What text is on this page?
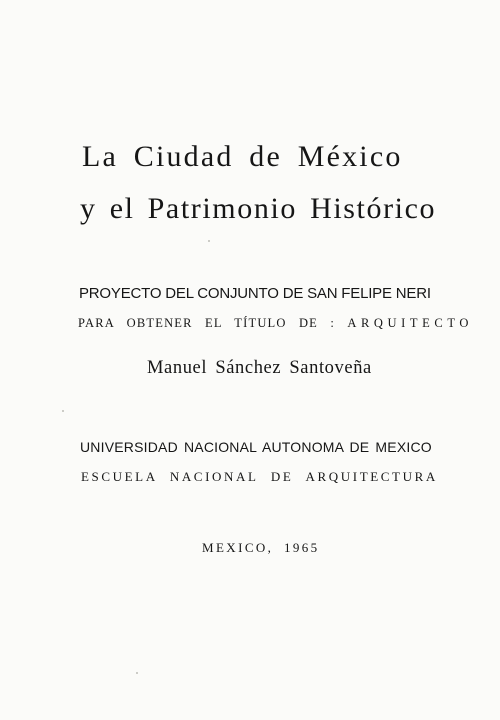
La Ciudad de México
y el Patrimonio Histórico
PROYECTO DEL CONJUNTO DE SAN FELIPE NERI
PARA OBTENER EL TÍTULO DE : ARQUITECTO
Manuel Sánchez Santoveña
UNIVERSIDAD NACIONAL AUTONOMA DE MEXICO
ESCUELA NACIONAL DE ARQUITECTURA
MEXICO, 1965
